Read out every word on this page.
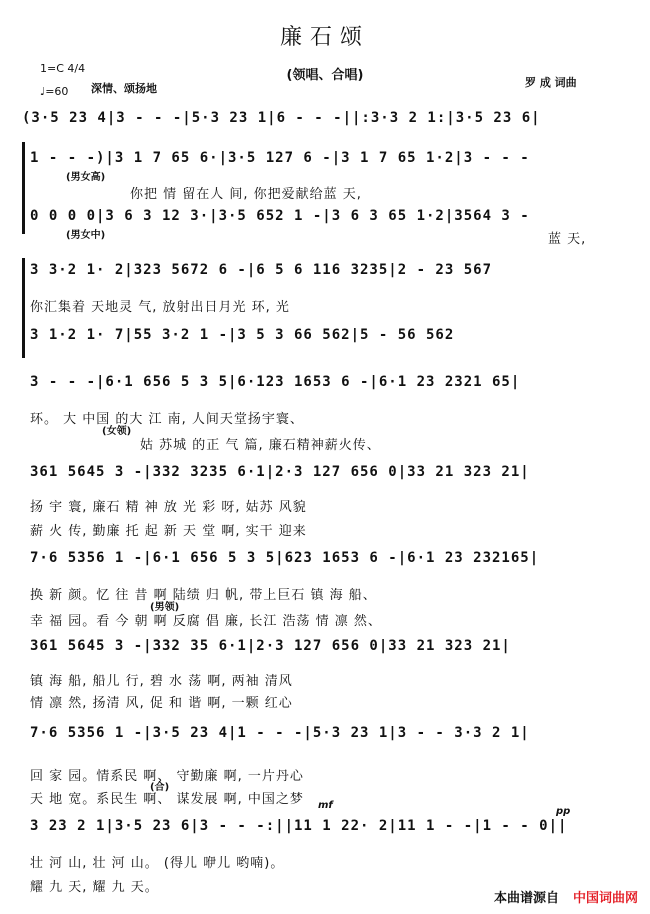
廉石颂
(领唱、合唱)	罗 成 词曲
1=C 4/4
♩=60 深情、颂扬地
(3·5 23 4|3 - - -|5·3 23 1|6 - - -||:3·3 2 1:|3·5 23 6|
1 - - -)|3 1 7 65 6·|3·5 127 6 -|3 1 7 65 1·2|3 - - -
(男女高)
你把 情 留在人 间, 你把爱献给蓝 天,
0 0 0 0|3 6 3 12 3·|3·5 652 1 -|3 6 3 65 1·2|3564 3 -
(男女中)	蓝 天,
3 3·2 1· 2|323 5672 6 -|6 5 6 116 3235|2 - 23 567
你汇集着 天地灵 气, 放射出日月光 环, 光
3 1·2 1· 7|55 3·2 1 -|3 5 3 66 562|5 - 56 562
3 - - -|6·1 656 5 3 5|6·123 1653 6 -|6·1 23 2321 65|
环。 大 中国 的大 江 南, 人间天堂扬宇寰、
(女领)
姑 苏城 的正 气 篇, 廉石精神薪火传、
361 5645 3 -|332 3235 6·1|2·3 127 656 0|33 21 323 21|
扬 宇 寰, 廉石 精 神 放 光 彩 呀, 姑苏 风貌
薪 火 传, 勤廉 托 起 新 天 堂 啊, 实干 迎来
7·6 5356 1 -|6·1 656 5 3 5|623 1653 6 -|6·1 23 232165|
换 新 颜。忆 往 昔 啊 陆绩 归 帆, 带上巨石 镇 海 船、
(男领)
幸 福 园。看 今 朝 啊 反腐 倡 廉, 长江 浩荡 情 凛 然、
361 5645 3 -|332 35 6·1|2·3 127 656 0|33 21 323 21|
镇 海 船, 船儿 行, 碧 水 荡 啊, 两袖 清风
情 凛 然, 扬清 风, 促 和 谐 啊, 一颗 红心
7·6 5356 1 -|3·5 23 4|1 - - -|5·3 23 1|3 - - 3·3 2 1|
回 家 园。情系民 啊、 守勤廉 啊, 一片丹心
(合)
天 地 宽。系民生 啊、 谋发展 啊, 中国之梦 mf
pp
3 23 2 1|3·5 23 6|3 - - -:||11 1 22· 2|11 1 - -|1 - - 0||
壮 河 山, 壮 河 山。 (得儿 咿儿 哟喃)。
耀 九 天, 耀 九 天。
本曲谱源自 中国词曲网
